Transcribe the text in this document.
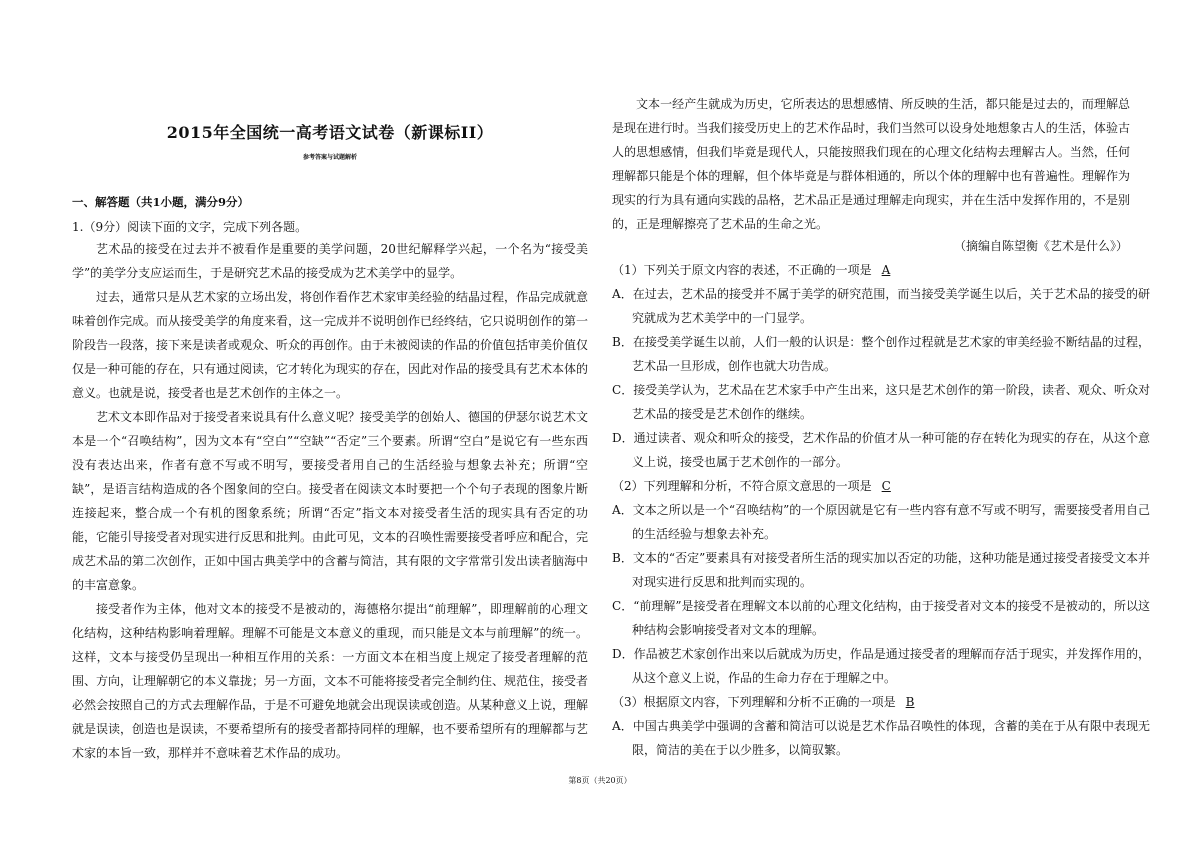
2015年全国统一高考语文试卷（新课标II）
参考答案与试题解析
一、解答题（共1小题，满分9分）
1.（9分）阅读下面的文字，完成下列各题。

艺术品的接受在过去并不被看作是重要的美学问题，20世纪解释学兴起，一个名为“接受美学”的美学分支应运而生，于是研究艺术品的接受成为艺术美学中的显学。

过去，通常只是从艺术家的立场出发，将创作看作艺术家审美经验的结晶过程，作品完成就意味着创作完成。而从接受美学的角度来看，这一完成并不说明创作已经终结，它只说明创作的第一阶段告一段落，接下来是读者或观众、听众的再创作。由于未被阅读的作品的价值包括审美价值仅仅是一种可能的存在，只有通过阅读，它才转化为现实的存在，因此对作品的接受具有艺术本体的意义。也就是说，接受者也是艺术创作的主体之一。

艺术文本即作品对于接受者来说具有什么意义呢？接受美学的创始人、德国的伊瑟尔说艺术文本是一个“召唤结构”，因为文本有“空白”“空缺”“否定”三个要素。所谓“空白”是说它有一些东西没有表达出来，作者有意不写或不明写，要接受者用自己的生活经验与想象去补充；所谓“空缺”，是语言结构造成的各个图象间的空白。接受者在阅读文本时要把一个个句子表现的图象片断连接起来，整合成一个有机的图象系统；所谓“否定”指文本对接受者生活的现实具有否定的功能，它能引导接受者对现实进行反思和批判。由此可见，文本的召唤性需要接受者呼应和配合，完成艺术品的第二次创作，正如中国古典美学中的含蓄与简洁，其有限的文字常常引发出读者脑海中的丰富意象。

接受者作为主体，他对文本的接受不是被动的，海德格尔提出“前理解”，即理解前的心理文化结构，这种结构影响着理解。理解不可能是文本意义的重现，而只能是文本与前理解”的统一。这样，文本与接受仍呈现出一种相互作用的关系：一方面文本在相当度上规定了接受者理解的范围、方向，让理解朝它的本义靠拢；另一方面，文本不可能将接受者完全制约住、规范住，接受者必然会按照自己的方式去理解作品，于是不可避免地就会出现误读或创造。从某种意义上说，理解就是误读，创造也是误读，不要希望所有的接受者都持同样的理解，也不要希望所有的理解都与艺术家的本旨一致，那样并不意味着艺术作品的成功。

文本一经产生就成为历史，它所表达的思想感情、所反映的生活，都只能是过去的，而理解总是现在进行时。当我们接受历史上的艺术作品时，我们当然可以设身处地想象古人的生活，体验古人的思想感情，但我们毕竟是现代人，只能按照我们现在的心理文化结构去理解古人。当然，任何理解都只能是个体的理解，但个体毕竟是与群体相通的，所以个体的理解中也有普遍性。理解作为现实的行为具有通向实践的品格，艺术品正是通过理解走向现实，并在生活中发挥作用的，不是别的，正是理解擦亮了艺术品的生命之光。

（摘编自陈望衡《艺术是什么》）
（1）下列关于原文内容的表述，不正确的一项是 A

A．在过去，艺术品的接受并不属于美学的研究范围，而当接受美学诞生以后，关于艺术品的接受的研究就成为艺术美学中的一门显学。

B．在接受美学诞生以前，人们一般的认识是：整个创作过程就是艺术家的审美经验不断结晶的过程，艺术品一旦形成，创作也就大功告成。

C．接受美学认为，艺术品在艺术家手中产生出来，这只是艺术创作的第一阶段，读者、观众、听众对艺术品的接受是艺术创作的继续。

D．通过读者、观众和听众的接受，艺术作品的价值才从一种可能的存在转化为现实的存在，从这个意义上说，接受也属于艺术创作的一部分。

（2）下列理解和分析，不符合原文意思的一项是 C

A．文本之所以是一个“召唤结构”的一个原因就是它有一些内容有意不写或不明写，需要接受者用自己的生活经验与想象去补充。

B．文本的“否定”要素具有对接受者所生活的现实加以否定的功能，这种功能是通过接受者接受文本并对现实进行反思和批判而实现的。

C．“前理解”是接受者在理解文本以前的心理文化结构，由于接受者对文本的接受不是被动的，所以这种结构会影响接受者对文本的理解。

D．作品被艺术家创作出来以后就成为历史，作品是通过接受者的理解而存活于现实，并发挥作用的，从这个意义上说，作品的生命力存在于理解之中。

（3）根据原文内容，下列理解和分析不正确的一项是 B

A．中国古典美学中强调的含蓄和简洁可以说是艺术作品召唤性的体现，含蓄的美在于从有限中表现无限，简洁的美在于以少胜多，以简驭繁。

第8页（共20页）
